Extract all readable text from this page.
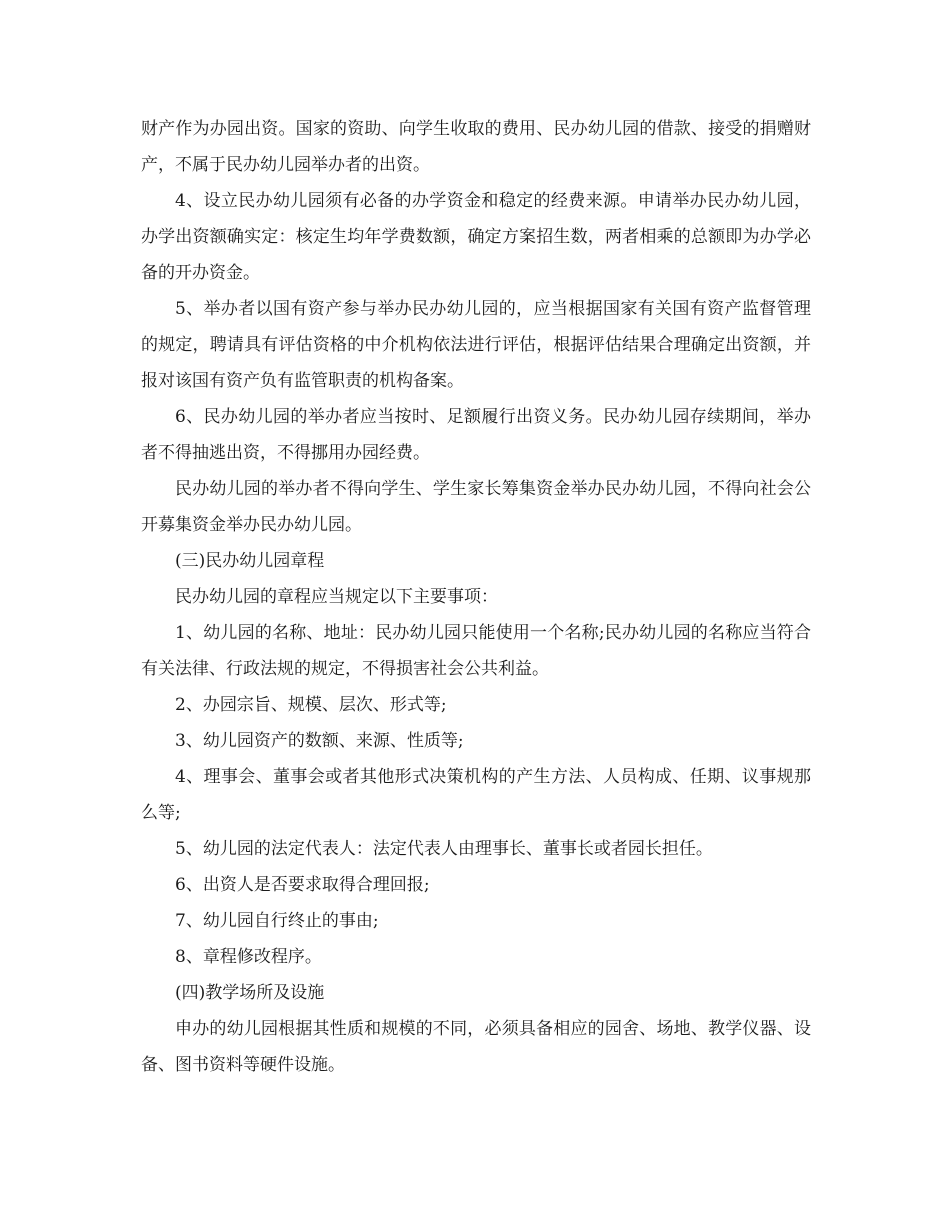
财产作为办园出资。国家的资助、向学生收取的费用、民办幼儿园的借款、接受的捐赠财产，不属于民办幼儿园举办者的出资。

4、设立民办幼儿园须有必备的办学资金和稳定的经费来源。申请举办民办幼儿园，办学出资额确实定：核定生均年学费数额，确定方案招生数，两者相乘的总额即为办学必备的开办资金。

5、举办者以国有资产参与举办民办幼儿园的，应当根据国家有关国有资产监督管理的规定，聘请具有评估资格的中介机构依法进行评估，根据评估结果合理确定出资额，并报对该国有资产负有监管职责的机构备案。

6、民办幼儿园的举办者应当按时、足额履行出资义务。民办幼儿园存续期间，举办者不得抽逃出资，不得挪用办园经费。

民办幼儿园的举办者不得向学生、学生家长筹集资金举办民办幼儿园，不得向社会公开募集资金举办民办幼儿园。

(三)民办幼儿园章程

民办幼儿园的章程应当规定以下主要事项：

1、幼儿园的名称、地址：民办幼儿园只能使用一个名称;民办幼儿园的名称应当符合有关法律、行政法规的规定，不得损害社会公共利益。

2、办园宗旨、规模、层次、形式等;

3、幼儿园资产的数额、来源、性质等;

4、理事会、董事会或者其他形式决策机构的产生方法、人员构成、任期、议事规那么等;

5、幼儿园的法定代表人：法定代表人由理事长、董事长或者园长担任。

6、出资人是否要求取得合理回报;

7、幼儿园自行终止的事由;

8、章程修改程序。

(四)教学场所及设施

申办的幼儿园根据其性质和规模的不同，必须具备相应的园舍、场地、教学仪器、设备、图书资料等硬件设施。
